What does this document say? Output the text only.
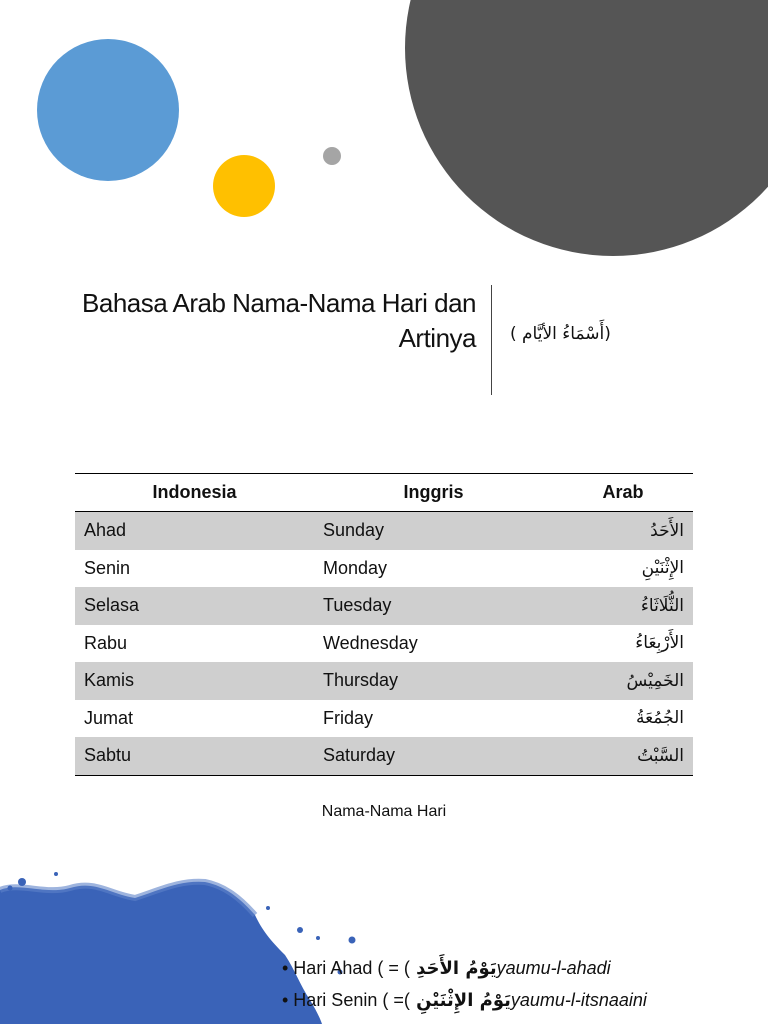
Bahasa Arab Nama-Nama Hari dan
Artinya (أَسْمَاءُ الأيَّام )
Indonesia	Inggris	Arab
Ahad	Sunday	الأَحَدُ
Senin	Monday	الإِثْنَيْنِ
Selasa	Tuesday	الثُّلَاثَاءُ
Rabu	Wednesday	الأَرْبِعَاءُ
Kamis	Thursday	الخَمِيْسُ
Jumat	Friday	الجُمُعَةُ
Sabtu	Saturday	السَّبْتُ
Nama-Nama Hari
• Hari Ahad ( = ( يَوْمُ الأَحَدِyaumu-l-ahadi
• Hari Senin ( =( يَوْمُ الإِثْنَيْنِyaumu-l-itsnaaini
